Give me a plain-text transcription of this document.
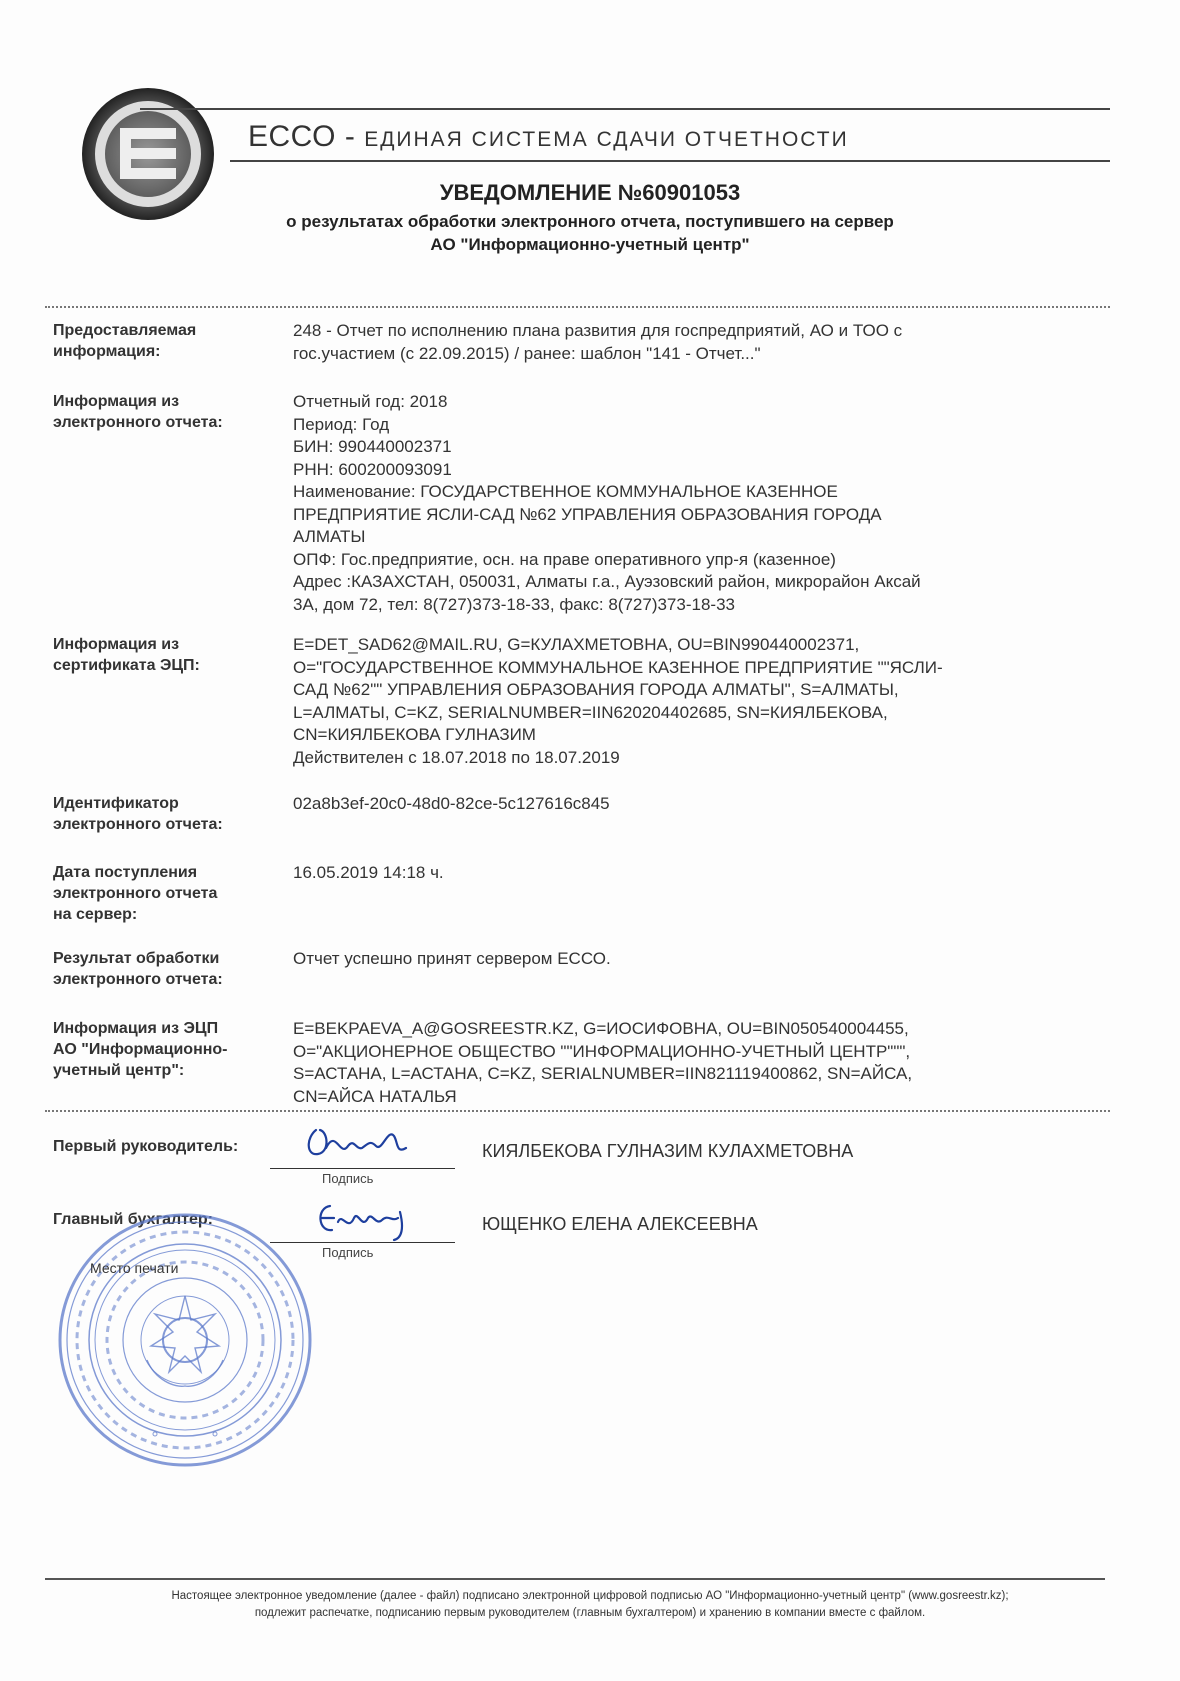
ЕССО - ЕДИНАЯ СИСТЕМА СДАЧИ ОТЧЕТНОСТИ
УВЕДОМЛЕНИЕ №60901053
о результатах обработки электронного отчета, поступившего на сервер
АО "Информационно-учетный центр"
Предоставляемая
информация:
248 - Отчет по исполнению плана развития для госпредприятий, АО и ТОО с
гос.участием (с 22.09.2015) / ранее: шаблон "141 - Отчет..."
Информация из
электронного отчета:
Отчетный год: 2018
Период: Год
БИН: 990440002371
РНН: 600200093091
Наименование: ГОСУДАРСТВЕННОЕ КОММУНАЛЬНОЕ КАЗЕННОЕ
ПРЕДПРИЯТИЕ ЯСЛИ-САД №62 УПРАВЛЕНИЯ ОБРАЗОВАНИЯ ГОРОДА
АЛМАТЫ
ОПФ: Гос.предприятие, осн. на праве оперативного упр-я (казенное)
Адрес :КАЗАХСТАН, 050031, Алматы г.а., Ауэзовский район, микрорайон Аксай
3А, дом 72, тел: 8(727)373-18-33, факс: 8(727)373-18-33
Информация из
сертификата ЭЦП:
E=DET_SAD62@MAIL.RU, G=КУЛАХМЕТОВНА, OU=BIN990440002371,
O="ГОСУДАРСТВЕННОЕ КОММУНАЛЬНОЕ КАЗЕННОЕ ПРЕДПРИЯТИЕ ""ЯСЛИ-
САД №62"" УПРАВЛЕНИЯ ОБРАЗОВАНИЯ ГОРОДА АЛМАТЫ", S=АЛМАТЫ,
L=АЛМАТЫ, C=KZ, SERIALNUMBER=IIN620204402685, SN=КИЯЛБЕКОВА,
CN=КИЯЛБЕКОВА ГУЛНАЗИМ
Действителен с 18.07.2018 по 18.07.2019
Идентификатор
электронного отчета:
02a8b3ef-20c0-48d0-82ce-5c127616c845
Дата поступления
электронного отчета
на сервер:
16.05.2019 14:18 ч.
Результат обработки
электронного отчета:
Отчет успешно принят сервером ЕССО.
Информация из ЭЦП
АО "Информационно-
учетный центр":
E=BEKPAEVA_A@GOSREESTR.KZ, G=ИОСИФОВНА, OU=BIN050540004455,
O="АКЦИОНЕРНОЕ ОБЩЕСТВО ""ИНФОРМАЦИОННО-УЧЕТНЫЙ ЦЕНТР""",
S=АСТАНА, L=АСТАНА, C=KZ, SERIALNUMBER=IIN821119400862, SN=АЙСА,
CN=АЙСА НАТАЛЬЯ
Первый руководитель:
Подпись
КИЯЛБЕКОВА ГУЛНАЗИМ КУЛАХМЕТОВНА
Главный бухгалтер:
Подпись
ЮЩЕНКО ЕЛЕНА АЛЕКСЕЕВНА
Место печати
Настоящее электронное уведомление (далее - файл) подписано электронной цифровой подписью АО "Информационно-учетный центр" (www.gosreestr.kz);
подлежит распечатке, подписанию первым руководителем (главным бухгалтером) и хранению в компании вместе с файлом.
